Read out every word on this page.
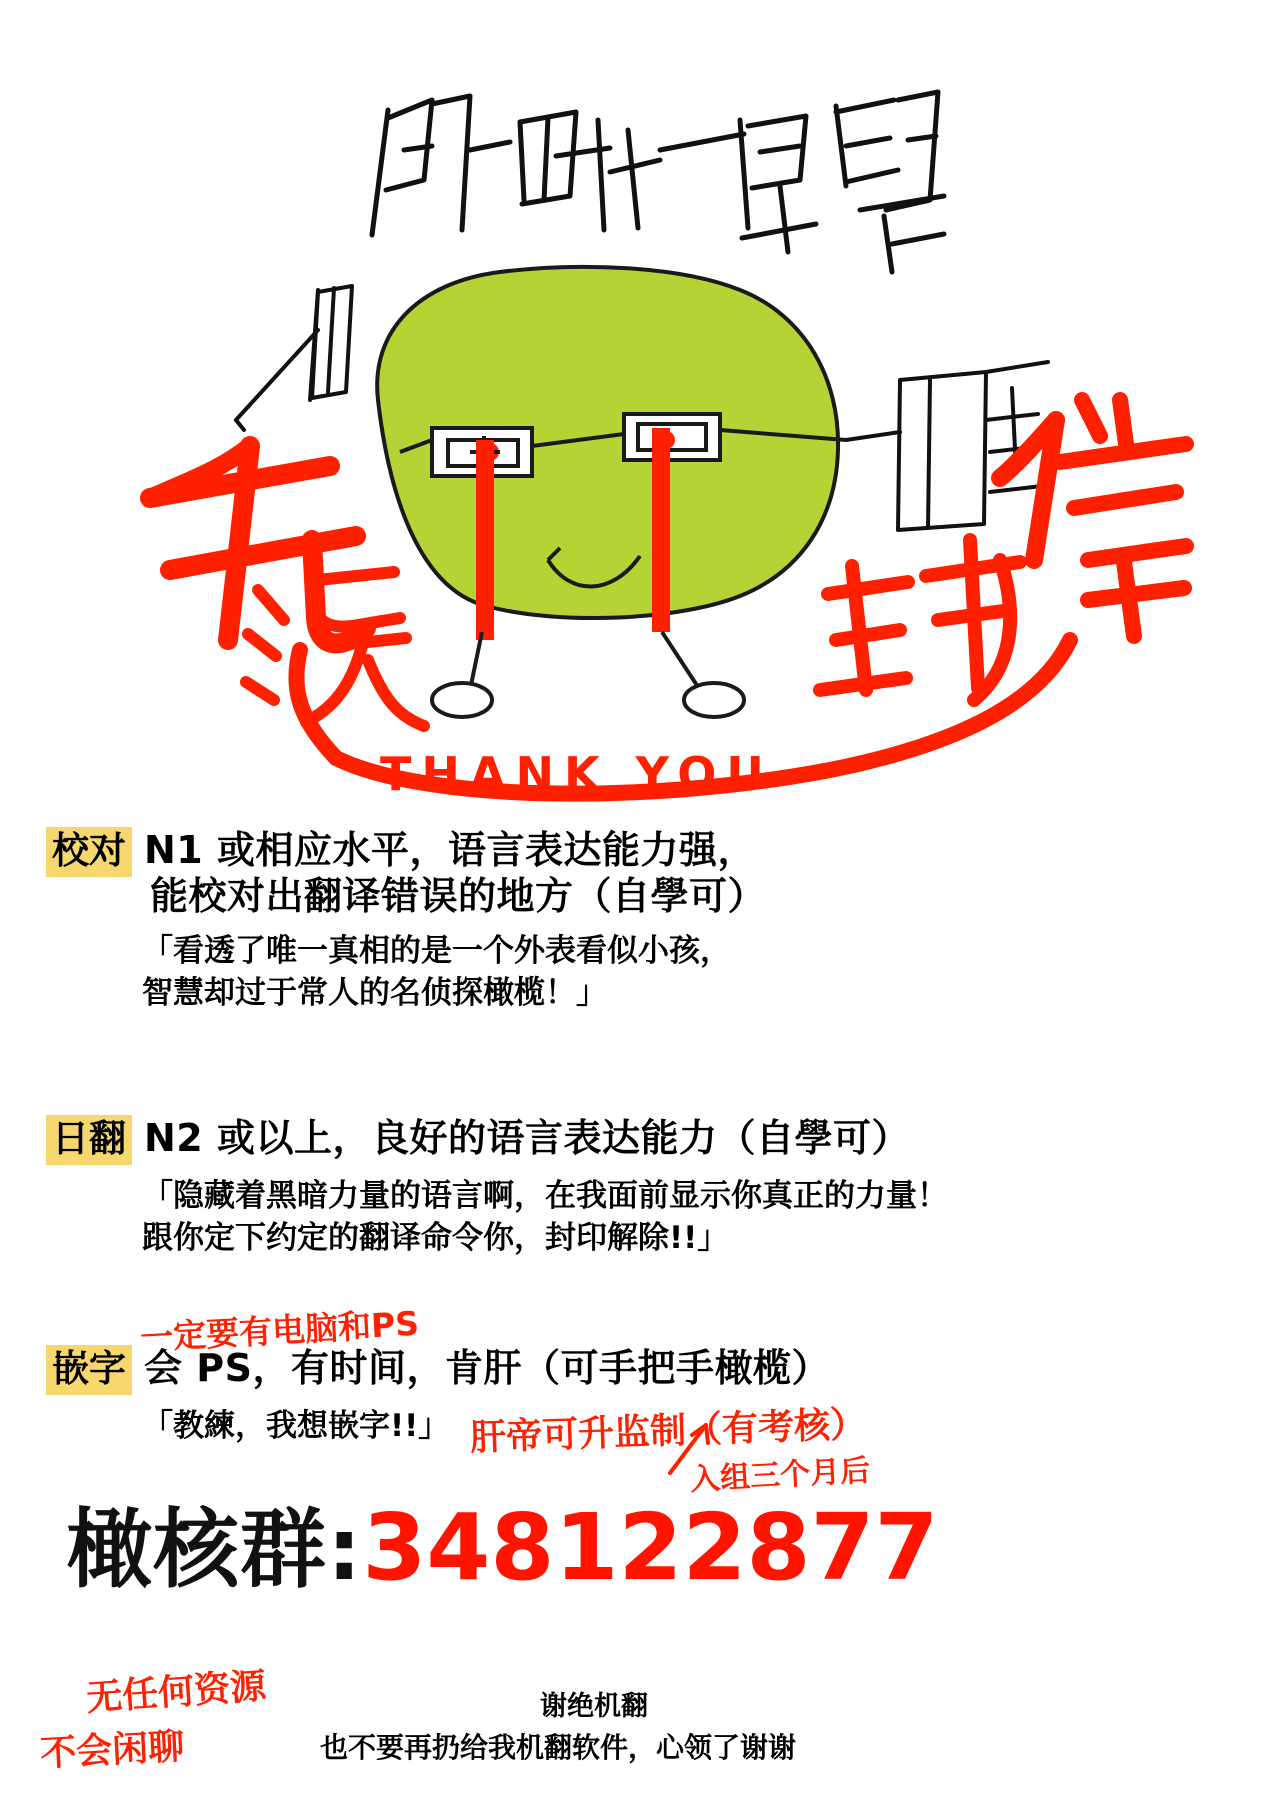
THANK YOU
校对 N1 或相应水平，语言表达能力强，
能校对出翻译错误的地方（自學可）
「看透了唯一真相的是一个外表看似小孩，
智慧却过于常人的名侦探橄榄！」
日翻 N2 或以上，良好的语言表达能力（自學可）
「隐藏着黑暗力量的语言啊，在我面前显示你真正的力量！
跟你定下约定的翻译命令你，封印解除!!」
嵌字 会 PS，有时间，肯肝（可手把手橄榄）
「教練，我想嵌字!!」
一定要有电脑和PS
肝帝可升监制（有考核）
入组三个月后
橄核群: 348122877
无任何资源
不会闲聊
谢绝机翻
也不要再扔给我机翻软件，心领了谢谢
